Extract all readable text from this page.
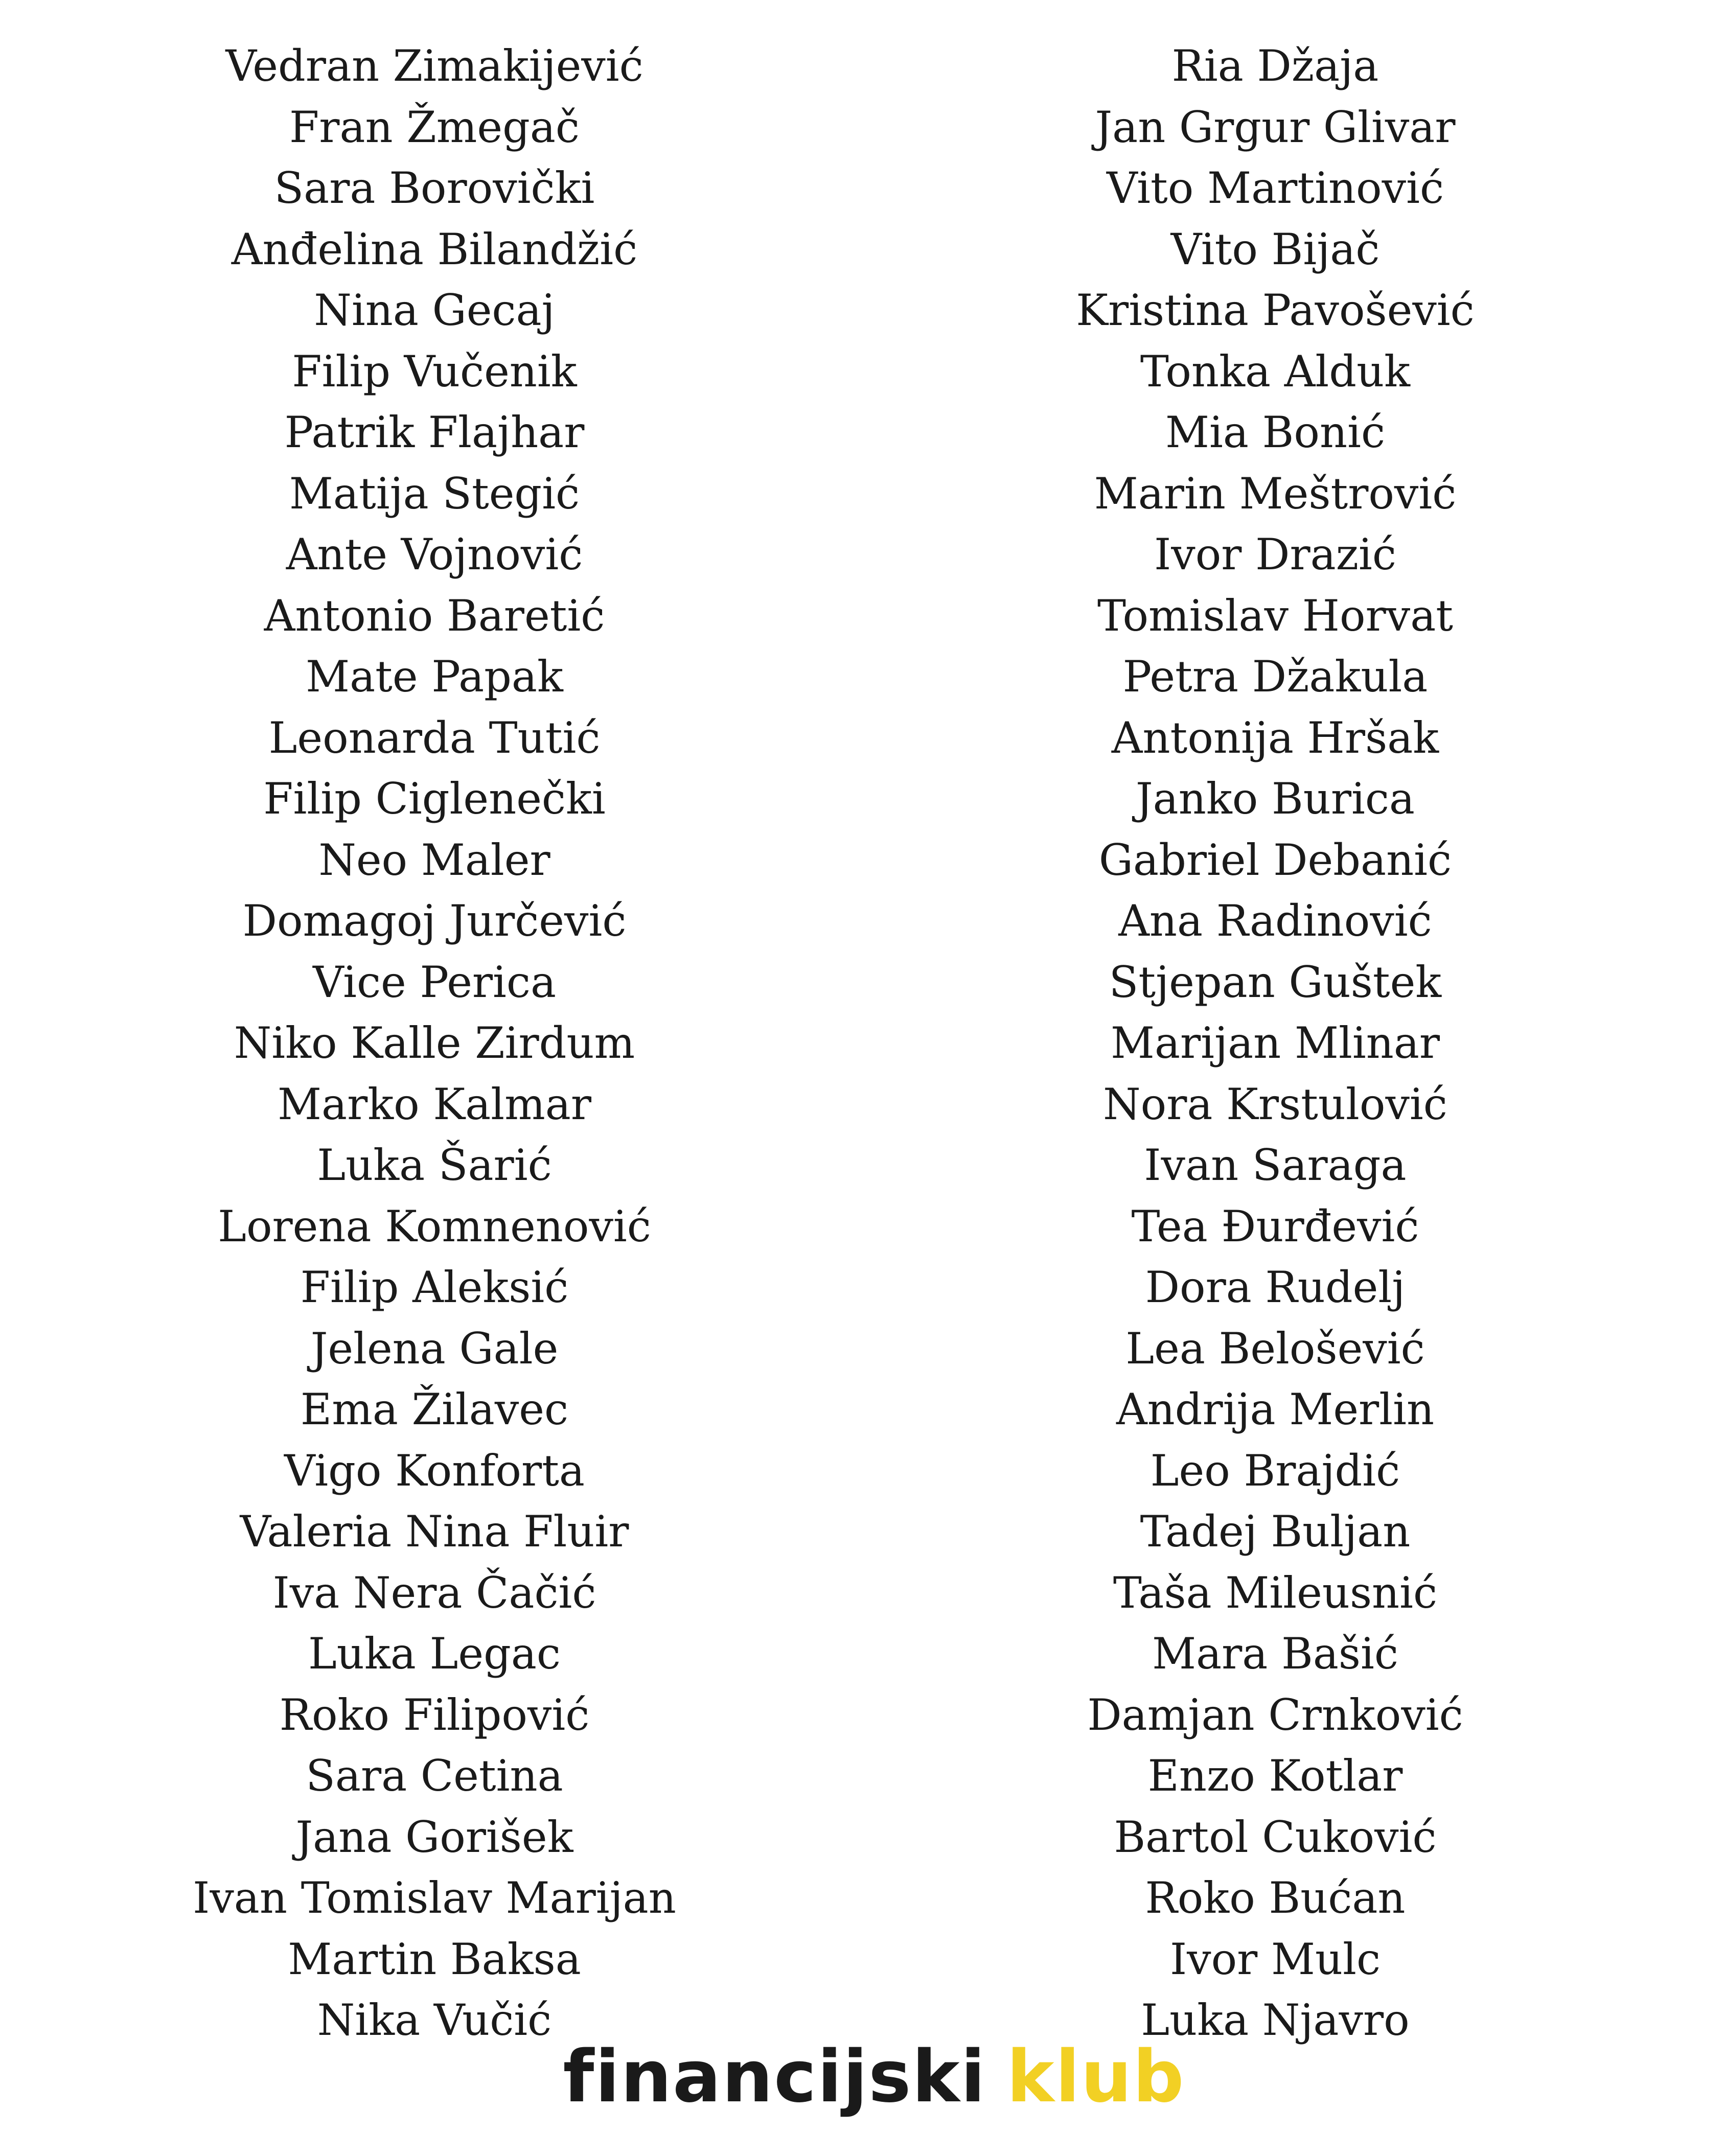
Vedran Zimakijević
Fran Žmegač
Sara Borovički
Anđelina Bilandžić
Nina Gecaj
Filip Vučenik
Patrik Flajhar
Matija Stegić
Ante Vojnović
Antonio Baretić
Mate Papak
Leonarda Tutić
Filip Ciglenečki
Neo Maler
Domagoj Jurčević
Vice Perica
Niko Kalle Zirdum
Marko Kalmar
Luka Šarić
Lorena Komnenović
Filip Aleksić
Jelena Gale
Ema Žilavec
Vigo Konforta
Valeria Nina Fluir
Iva Nera Čačić
Luka Legac
Roko Filipović
Sara Cetina
Jana Gorišek
Ivan Tomislav Marijan
Martin Baksa
Nika Vučić
Ria Džaja
Jan Grgur Glivar
Vito Martinović
Vito Bijač
Kristina Pavošević
Tonka Alduk
Mia Bonić
Marin Meštrović
Ivor Drazić
Tomislav Horvat
Petra Džakula
Antonija Hršak
Janko Burica
Gabriel Debanić
Ana Radinović
Stjepan Guštek
Marijan Mlinar
Nora Krstulović
Ivan Saraga
Tea Đurđević
Dora Rudelj
Lea Belošević
Andrija Merlin
Leo Brajdić
Tadej Buljan
Taša Mileusnić
Mara Bašić
Damjan Crnković
Enzo Kotlar
Bartol Cuković
Roko Bućan
Ivor Mulc
Luka Njavro
financijski klub
